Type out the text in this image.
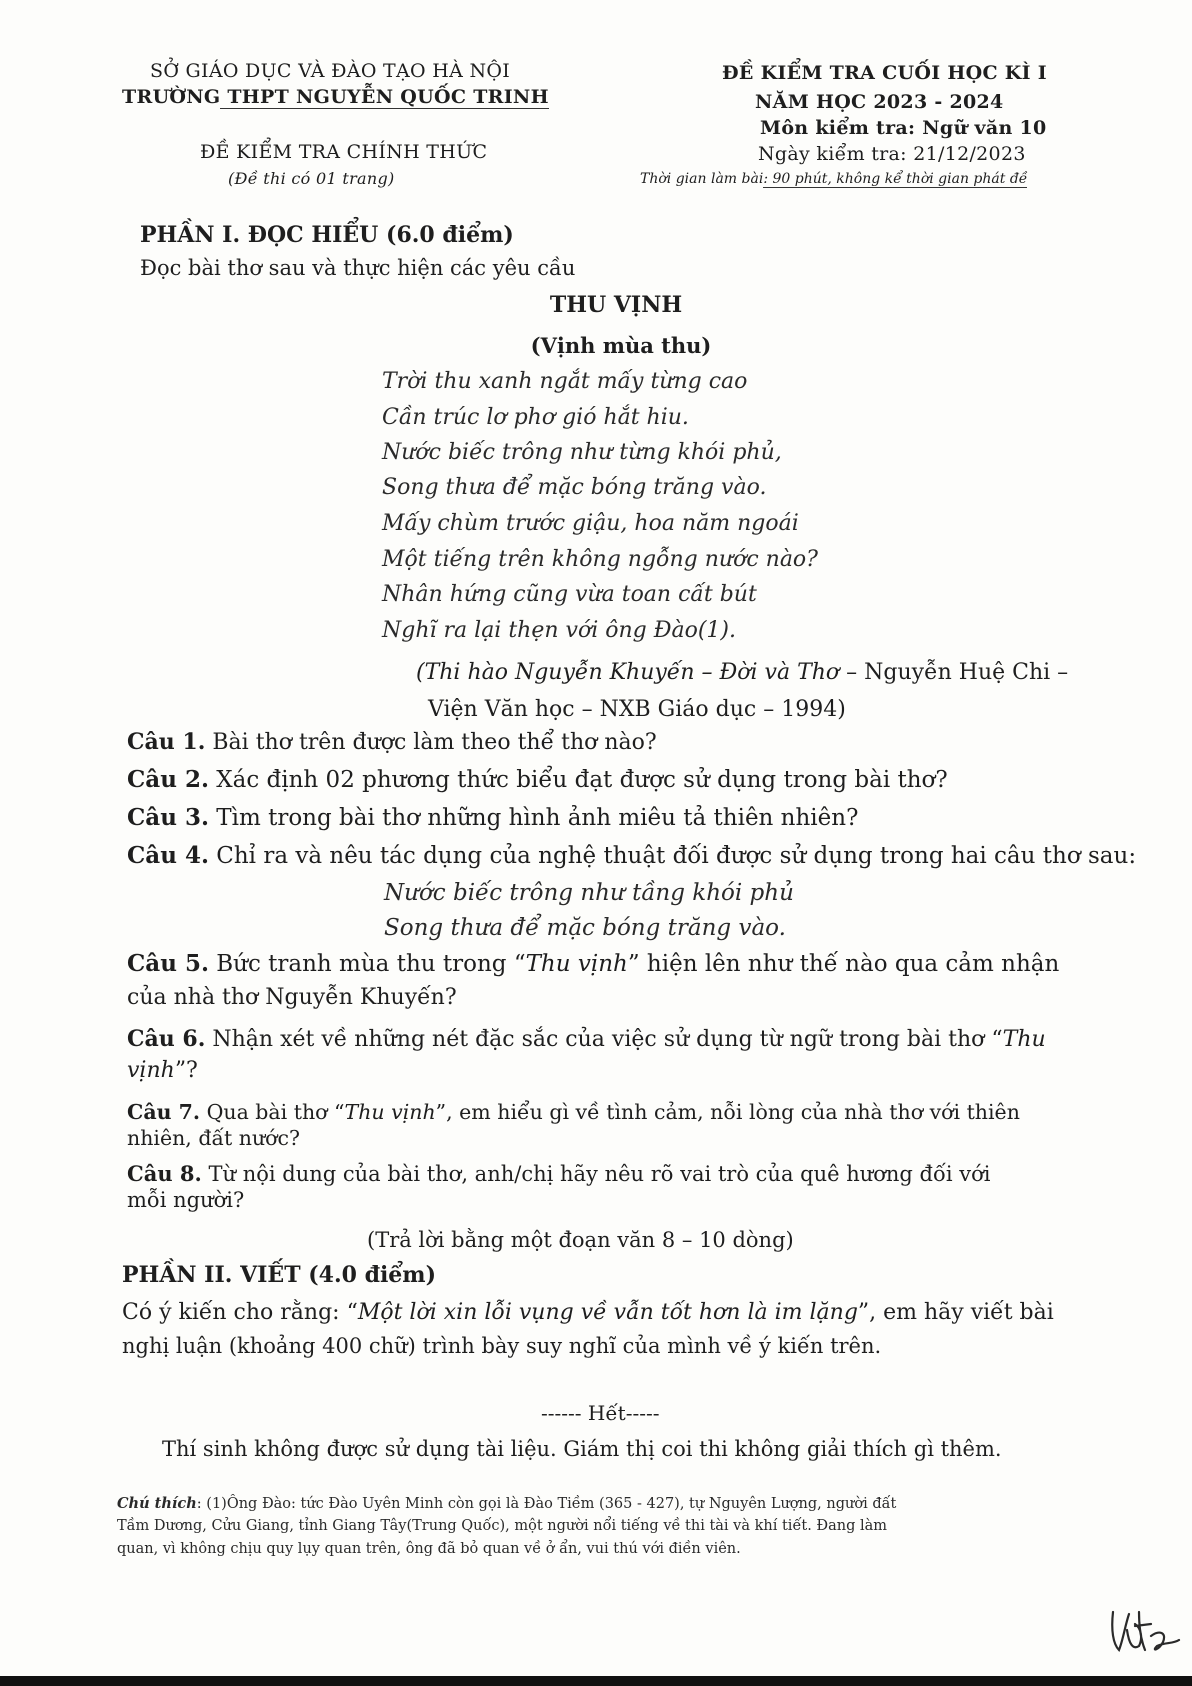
SỞ GIÁO DỤC VÀ ĐÀO TẠO HÀ NỘI
TRƯỜNG THPT NGUYỄN QUỐC TRINH
ĐỀ KIỂM TRA CHÍNH THỨC
(Đề thi có 01 trang)
ĐỀ KIỂM TRA CUỐI HỌC KÌ I
NĂM HỌC 2023 - 2024
Môn kiểm tra: Ngữ văn 10
Ngày kiểm tra: 21/12/2023
Thời gian làm bài: 90 phút, không kể thời gian phát đề
PHẦN I. ĐỌC HIỂU (6.0 điểm)
Đọc bài thơ sau và thực hiện các yêu cầu
THU VỊNH
(Vịnh mùa thu)
Trời thu xanh ngắt mấy từng cao
Cần trúc lơ phơ gió hắt hiu.
Nước biếc trông như từng khói phủ,
Song thưa để mặc bóng trăng vào.
Mấy chùm trước giậu, hoa năm ngoái
Một tiếng trên không ngỗng nước nào?
Nhân hứng cũng vừa toan cất bút
Nghĩ ra lại thẹn với ông Đào(1).
(Thi hào Nguyễn Khuyến – Đời và Thơ – Nguyễn Huệ Chi –
Viện Văn học – NXB Giáo dục – 1994)
Câu 1. Bài thơ trên được làm theo thể thơ nào?
Câu 2. Xác định 02 phương thức biểu đạt được sử dụng trong bài thơ?
Câu 3. Tìm trong bài thơ những hình ảnh miêu tả thiên nhiên?
Câu 4. Chỉ ra và nêu tác dụng của nghệ thuật đối được sử dụng trong hai câu thơ sau:
Nước biếc trông như tầng khói phủ
Song thưa để mặc bóng trăng vào.
Câu 5. Bức tranh mùa thu trong “Thu vịnh” hiện lên như thế nào qua cảm nhận
của nhà thơ Nguyễn Khuyến?
Câu 6. Nhận xét về những nét đặc sắc của việc sử dụng từ ngữ trong bài thơ “Thu
vịnh”?
Câu 7. Qua bài thơ “Thu vịnh”, em hiểu gì về tình cảm, nỗi lòng của nhà thơ với thiên
nhiên, đất nước?
Câu 8. Từ nội dung của bài thơ, anh/chị hãy nêu rõ vai trò của quê hương đối với
mỗi người?
(Trả lời bằng một đoạn văn 8 – 10 dòng)
PHẦN II. VIẾT (4.0 điểm)
Có ý kiến cho rằng: “Một lời xin lỗi vụng về vẫn tốt hơn là im lặng”, em hãy viết bài
nghị luận (khoảng 400 chữ) trình bày suy nghĩ của mình về ý kiến trên.
------ Hết-----
Thí sinh không được sử dụng tài liệu. Giám thị coi thi không giải thích gì thêm.
Chú thích: (1)Ông Đào: tức Đào Uyên Minh còn gọi là Đào Tiềm (365 - 427), tự Nguyên Lượng, người đất
Tầm Dương, Cửu Giang, tỉnh Giang Tây(Trung Quốc), một người nổi tiếng về thi tài và khí tiết. Đang làm
quan, vì không chịu quy lụy quan trên, ông đã bỏ quan về ở ẩn, vui thú với điền viên.
